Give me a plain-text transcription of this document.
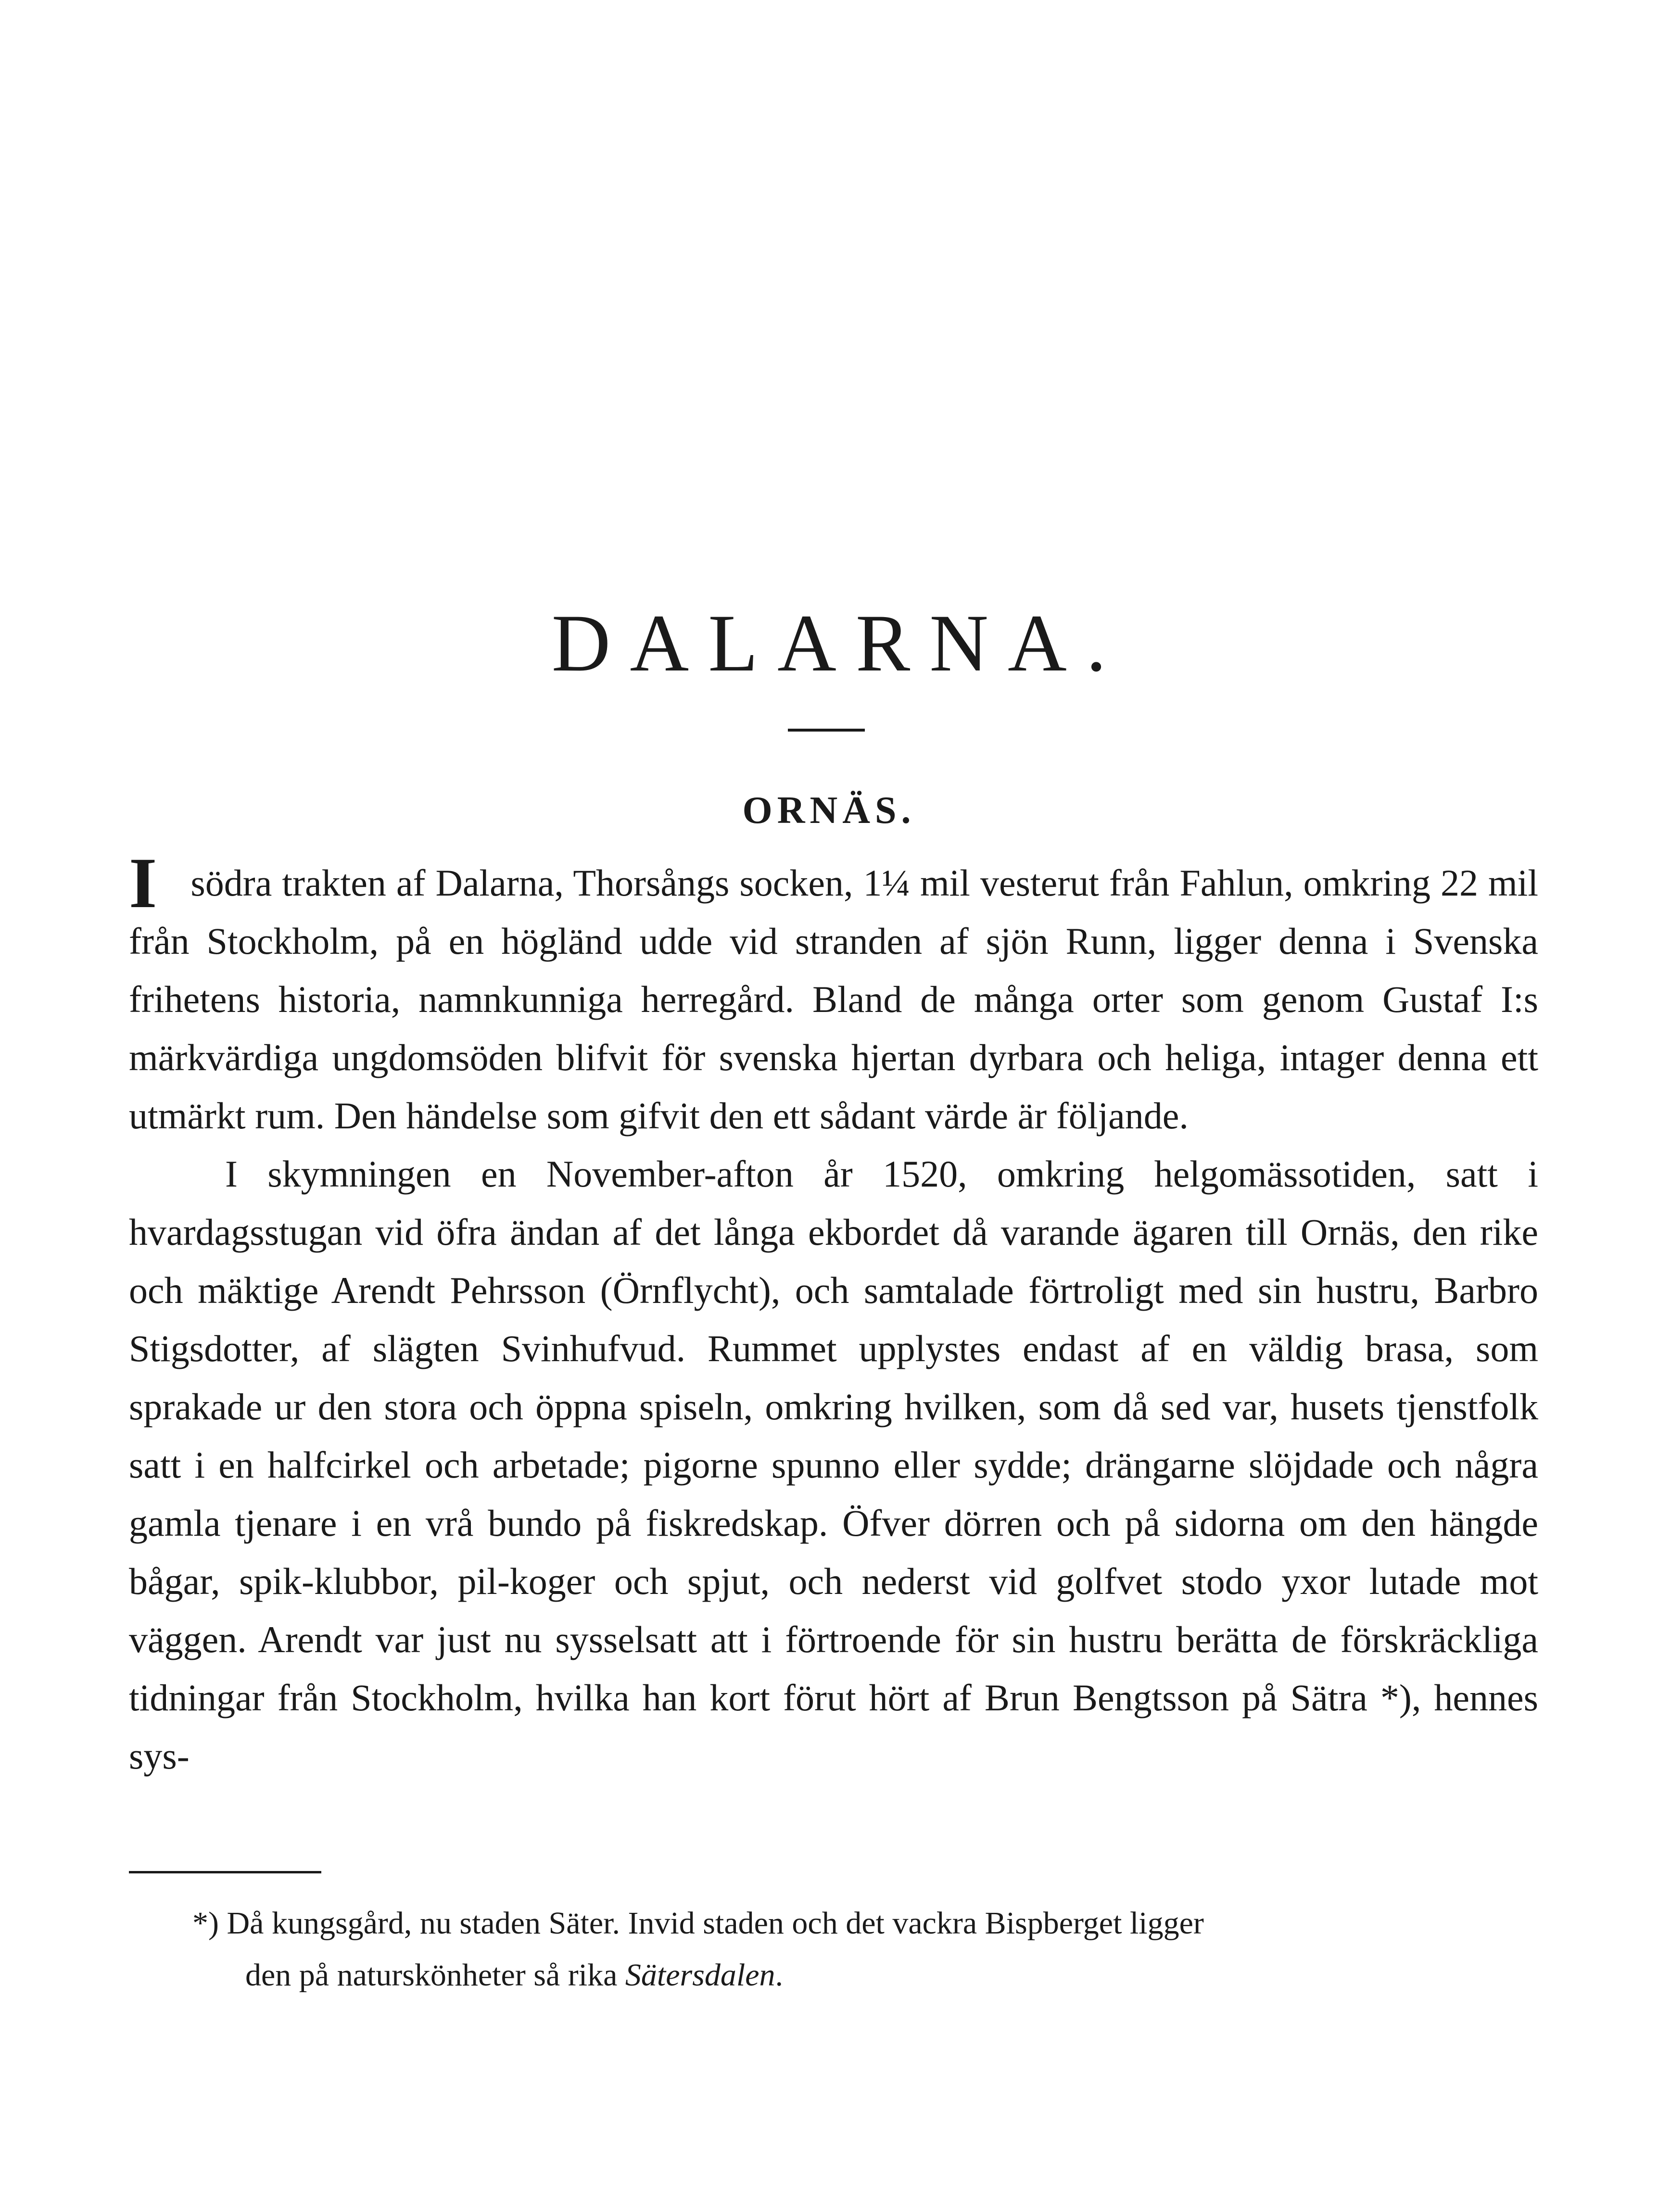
DALARNA.
ORNÄS.

I södra trakten af Dalarna, Thorsångs socken, 1¼ mil vesterut från Fahlun, omkring 22 mil från Stockholm, på en högländ udde vid stranden af sjön Runn, ligger denna i Svenska frihetens historia, namnkunniga herregård. Bland de många orter som genom Gustaf I:s märkvärdiga ungdomsöden blifvit för svenska hjertan dyrbara och heliga, intager denna ett utmärkt rum. Den händelse som gifvit den ett sådant värde är följande.

I skymningen en November-afton år 1520, omkring helgomässotiden, satt i hvardagsstugan vid öfra ändan af det långa ekbordet då varande ägaren till Ornäs, den rike och mäktige Arendt Pehrsson (Örnflycht), och samtalade förtroligt med sin hustru, Barbro Stigsdotter, af slägten Svinhufvud. Rummet upplystes endast af en väldig brasa, som sprakade ur den stora och öppna spiseln, omkring hvilken, som då sed var, husets tjenstfolk satt i en halfcirkel och arbetade; pigorne spunno eller sydde; drängarne slöjdade och några gamla tjenare i en vrå bundo på fiskredskap. Öfver dörren och på sidorna om den hängde bågar, spik-klubbor, pil-koger och spjut, och nederst vid golfvet stodo yxor lutade mot väggen. Arendt var just nu sysselsatt att i förtroende för sin hustru berätta de förskräckliga tidningar från Stockholm, hvilka han kort förut hört af Brun Bengtsson på Sätra *), hennes sys-

*) Då kungsgård, nu staden Säter. Invid staden och det vackra Bispberget ligger

den på naturskönheter så rika Sätersdalen.
